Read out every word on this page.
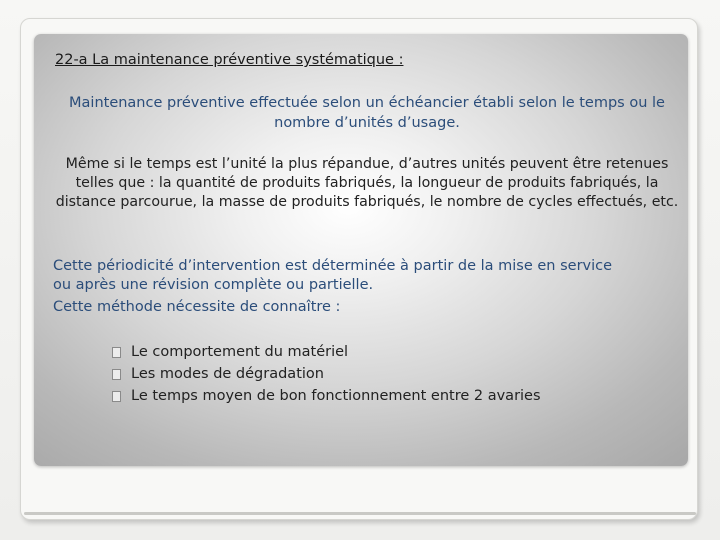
22-a La maintenance préventive systématique :

Maintenance préventive effectuée selon un échéancier établi selon le temps ou le nombre d’unités d’usage.

Même si le temps est l’unité la plus répandue, d’autres unités peuvent être retenues telles que : la quantité de produits fabriqués, la longueur de produits fabriqués, la distance parcourue, la masse de produits fabriqués, le nombre de cycles effectués, etc.

Cette périodicité d’intervention est déterminée à partir de la mise en service
ou après une révision complète ou partielle.

Cette méthode nécessite de connaître :

Le comportement du matériel
Les modes de dégradation
Le temps moyen de bon fonctionnement entre 2 avaries
